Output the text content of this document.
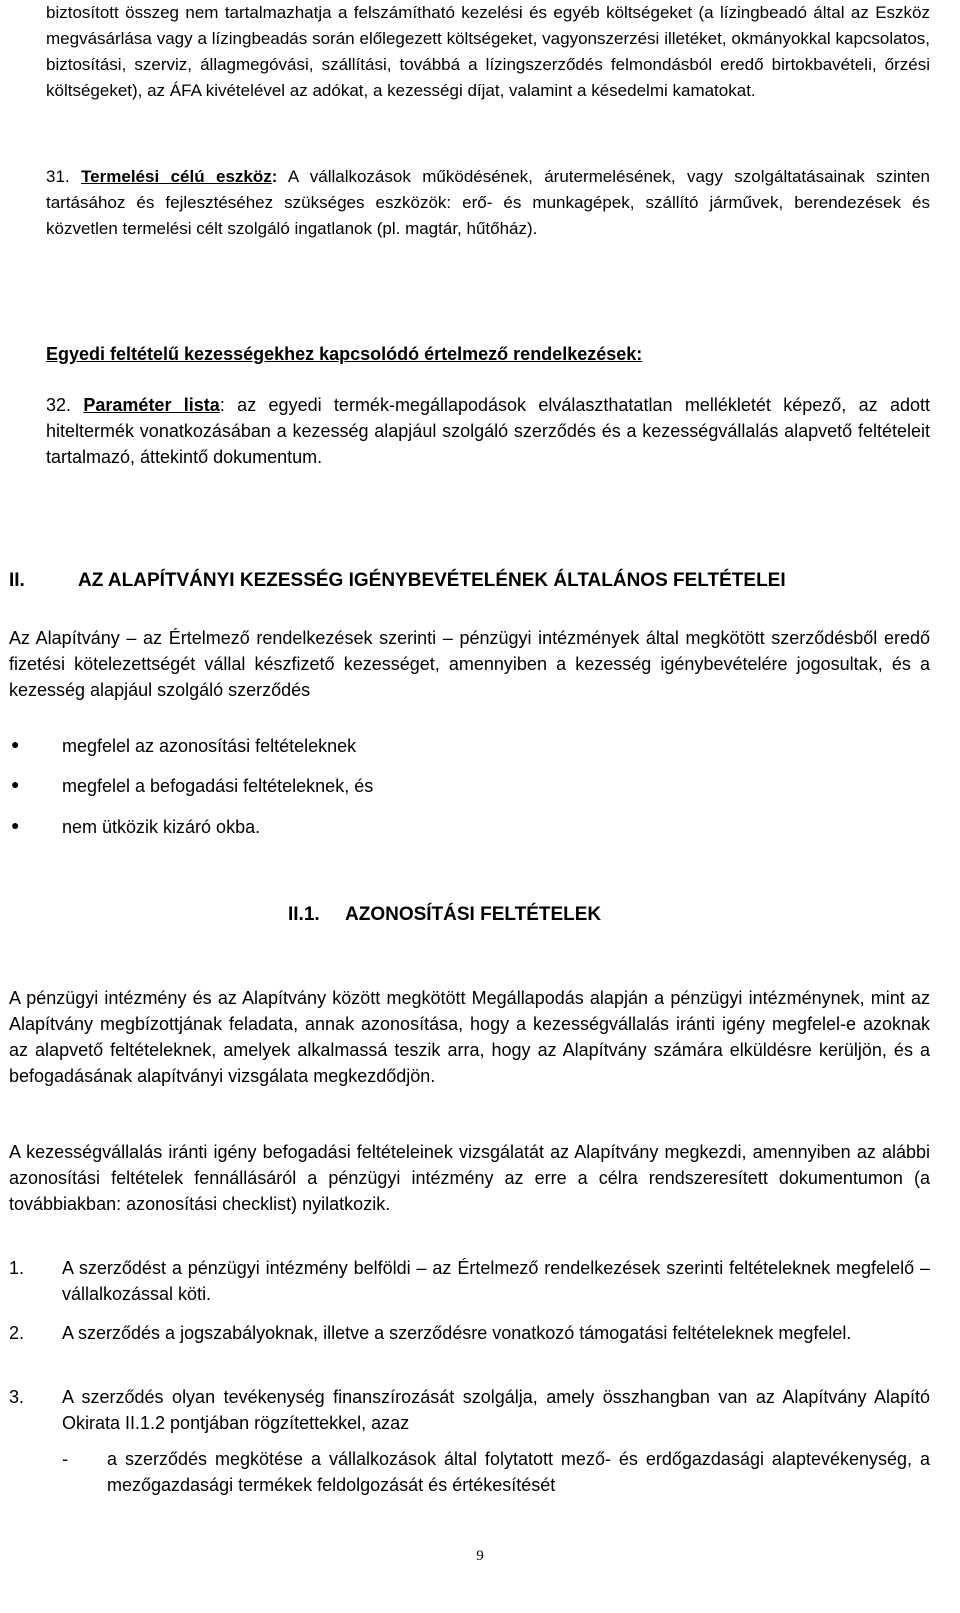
biztosított összeg nem tartalmazhatja a felszámítható kezelési és egyéb költségeket (a lízingbeadó által az Eszköz megvásárlása vagy a lízingbeadás során előlegezett költségeket, vagyonszerzési illetéket, okmányokkal kapcsolatos, biztosítási, szerviz, állagmegóvási, szállítási, továbbá a lízingszerződés felmondásból eredő birtokbavételi, őrzési költségeket), az ÁFA kivételével az adókat, a kezességi díjat, valamint a késedelmi kamatokat.
31. Termelési célú eszköz: A vállalkozások működésének, árutermelésének, vagy szolgáltatásainak szinten tartásához és fejlesztéséhez szükséges eszközök: erő- és munkagépek, szállító járművek, berendezések és közvetlen termelési célt szolgáló ingatlanok (pl. magtár, hűtőház).
Egyedi feltételű kezességekhez kapcsolódó értelmező rendelkezések:
32. Paraméter lista: az egyedi termék-megállapodások elválaszthatatlan mellékletét képező, az adott hiteltermék vonatkozásában a kezesség alapjául szolgáló szerződés és a kezességvállalás alapvető feltételeit tartalmazó, áttekintő dokumentum.
II.	AZ ALAPÍTVÁNYI KEZESSÉG IGÉNYBEVÉTELÉNEK ÁLTALÁNOS FELTÉTELEI
Az Alapítvány – az Értelmező rendelkezések szerinti – pénzügyi intézmények által megkötött szerződésből eredő fizetési kötelezettségét vállal készfizető kezességet, amennyiben a kezesség igénybevételére jogosultak, és a kezesség alapjául szolgáló szerződés
● megfelel az azonosítási feltételeknek
● megfelel a befogadási feltételeknek, és
● nem ütközik kizáró okba.
II.1. AZONOSÍTÁSI FELTÉTELEK
A pénzügyi intézmény és az Alapítvány között megkötött Megállapodás alapján a pénzügyi intézménynek, mint az Alapítvány megbízottjának feladata, annak azonosítása, hogy a kezességvállalás iránti igény megfelel-e azoknak az alapvető feltételeknek, amelyek alkalmassá teszik arra, hogy az Alapítvány számára elküldésre kerüljön, és a befogadásának alapítványi vizsgálata megkezdődjön.
A kezességvállalás iránti igény befogadási feltételeinek vizsgálatát az Alapítvány megkezdi, amennyiben az alábbi azonosítási feltételek fennállásáról a pénzügyi intézmény az erre a célra rendszeresített dokumentumon (a továbbiakban: azonosítási checklist) nyilatkozik.
1. A szerződést a pénzügyi intézmény belföldi – az Értelmező rendelkezések szerinti feltételeknek megfelelő – vállalkozással köti.
2. A szerződés a jogszabályoknak, illetve a szerződésre vonatkozó támogatási feltételeknek megfelel.
3. A szerződés olyan tevékenység finanszírozását szolgálja, amely összhangban van az Alapítvány Alapító Okirata II.1.2 pontjában rögzítettekkel, azaz
- a szerződés megkötése a vállalkozások által folytatott mező- és erdőgazdasági alaptevékenység, a mezőgazdasági termékek feldolgozását és értékesítését
9
